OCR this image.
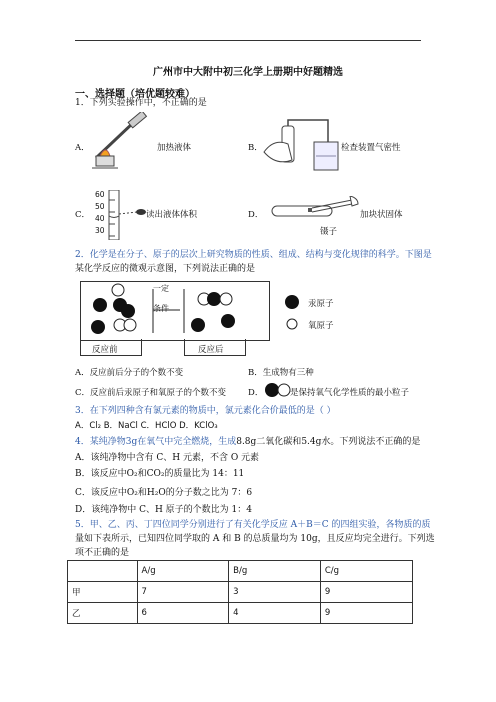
广州市中大附中初三化学上册期中好题精选
一、选择题（培优题较难）
1．下列实验操作中，不正确的是
A．	加热液体	B．	检查装置气密性
C．
60
50
40
30
读出液体体积	D．
镊子
加块状固体
2．化学是在分子、原子的层次上研究物质的性质、组成、结构与变化规律的科学。下图是
某化学反应的微观示意图，下列说法正确的是
一定
条件
反应前	反应后
汞原子
氧原子
A．反应前后分子的个数不变	B．生成物有三种
C．反应前后汞原子和氧原子的个数不变	D．	是保持氧气化学性质的最小粒子
3．在下列四种含有氯元素的物质中，氯元素化合价最低的是（ ）
A．Cl₂ B．NaCl C．HClO D．KClO₃
4．某纯净物3g在氧气中完全燃烧，生成8.8g二氧化碳和5.4g水。下列说法不正确的是
A．该纯净物中含有 C、H 元素，不含 O 元素
B．该反应中O₂和CO₂的质量比为 14：11
C．该反应中O₂和H₂O的分子数之比为 7：6
D．该纯净物中 C、H 原子的个数比为 1：4
5．甲、乙、丙、丁四位同学分别进行了有关化学反应 A＋B＝C 的四组实验，各物质的质
量如下表所示，已知四位同学取的 A 和 B 的总质量均为 10g，且反应均完全进行。下列选
项不正确的是
	A/g	B/g	C/g
甲	7	3	9
乙	6	4	9
